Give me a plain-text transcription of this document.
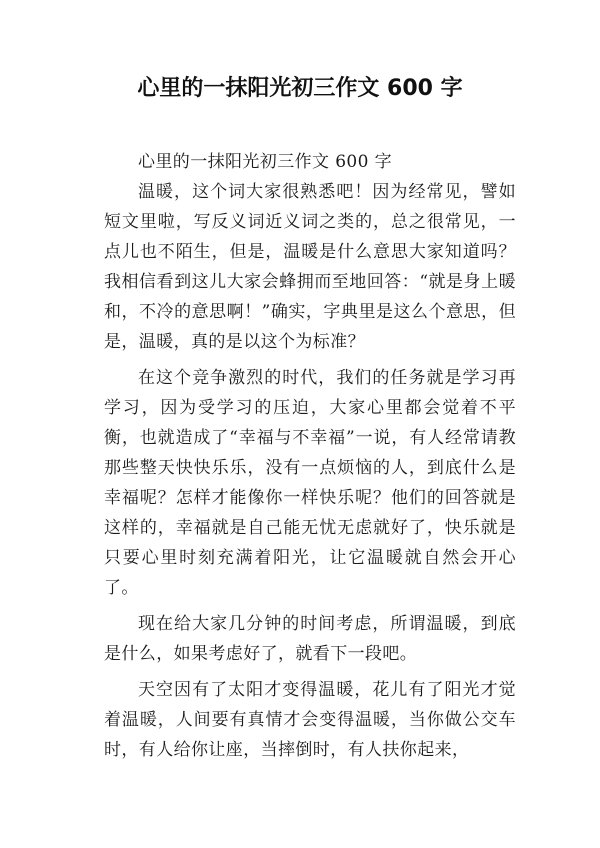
心里的一抹阳光初三作文 600 字

心里的一抹阳光初三作文 600 字

温暖，这个词大家很熟悉吧！因为经常见，譬如短文里啦，写反义词近义词之类的，总之很常见，一点儿也不陌生，但是，温暖是什么意思大家知道吗？我相信看到这儿大家会蜂拥而至地回答：“就是身上暖和，不冷的意思啊！”确实，字典里是这么个意思，但是，温暖，真的是以这个为标准？

在这个竞争激烈的时代，我们的任务就是学习再学习，因为受学习的压迫，大家心里都会觉着不平衡，也就造成了“幸福与不幸福”一说，有人经常请教那些整天快快乐乐，没有一点烦恼的人，到底什么是幸福呢？怎样才能像你一样快乐呢？他们的回答就是这样的，幸福就是自己能无忧无虑就好了，快乐就是只要心里时刻充满着阳光，让它温暖就自然会开心了。

现在给大家几分钟的时间考虑，所谓温暖，到底是什么，如果考虑好了，就看下一段吧。

天空因有了太阳才变得温暖，花儿有了阳光才觉着温暖，人间要有真情才会变得温暖，当你做公交车时，有人给你让座，当摔倒时，有人扶你起来，
